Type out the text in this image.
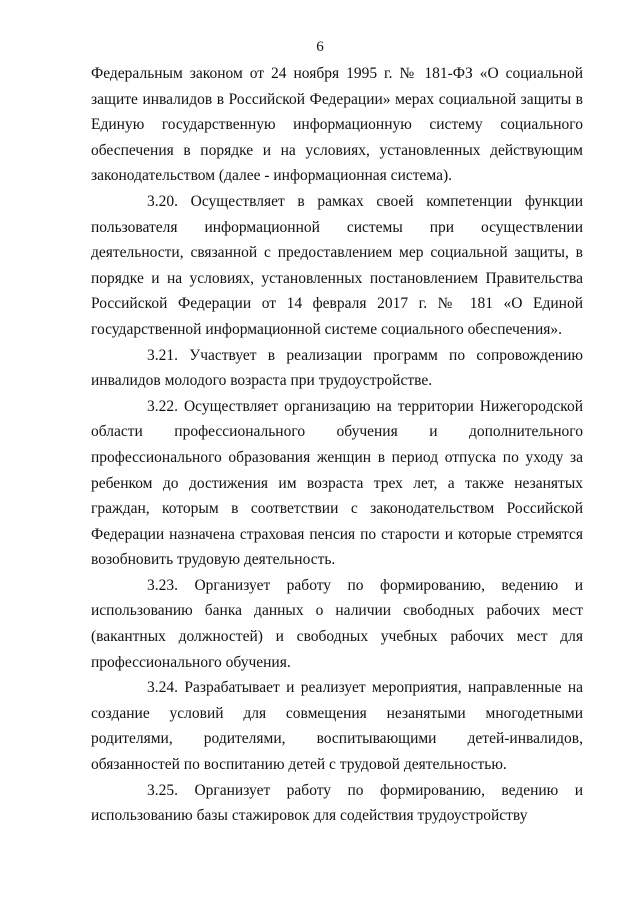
6

Федеральным законом от 24 ноября 1995 г. № 181-ФЗ «О социальной защите инвалидов в Российской Федерации» мерах социальной защиты в Единую государственную информационную систему социального обеспечения в порядке и на условиях, установленных действующим законодательством (далее - информационная система).

3.20. Осуществляет в рамках своей компетенции функции пользователя информационной системы при осуществлении деятельности, связанной с предоставлением мер социальной защиты, в порядке и на условиях, установленных постановлением Правительства Российской Федерации от 14 февраля 2017 г. № 181 «О Единой государственной информационной системе социального обеспечения».

3.21. Участвует в реализации программ по сопровождению инвалидов молодого возраста при трудоустройстве.

3.22. Осуществляет организацию на территории Нижегородской области профессионального обучения и дополнительного профессионального образования женщин в период отпуска по уходу за ребенком до достижения им возраста трех лет, а также незанятых граждан, которым в соответствии с законодательством Российской Федерации назначена страховая пенсия по старости и которые стремятся возобновить трудовую деятельность.

3.23. Организует работу по формированию, ведению и использованию банка данных о наличии свободных рабочих мест (вакантных должностей) и свободных учебных рабочих мест для профессионального обучения.

3.24. Разрабатывает и реализует мероприятия, направленные на создание условий для совмещения незанятыми многодетными родителями, родителями, воспитывающими детей-инвалидов, обязанностей по воспитанию детей с трудовой деятельностью.

3.25. Организует работу по формированию, ведению и использованию базы стажировок для содействия трудоустройству
